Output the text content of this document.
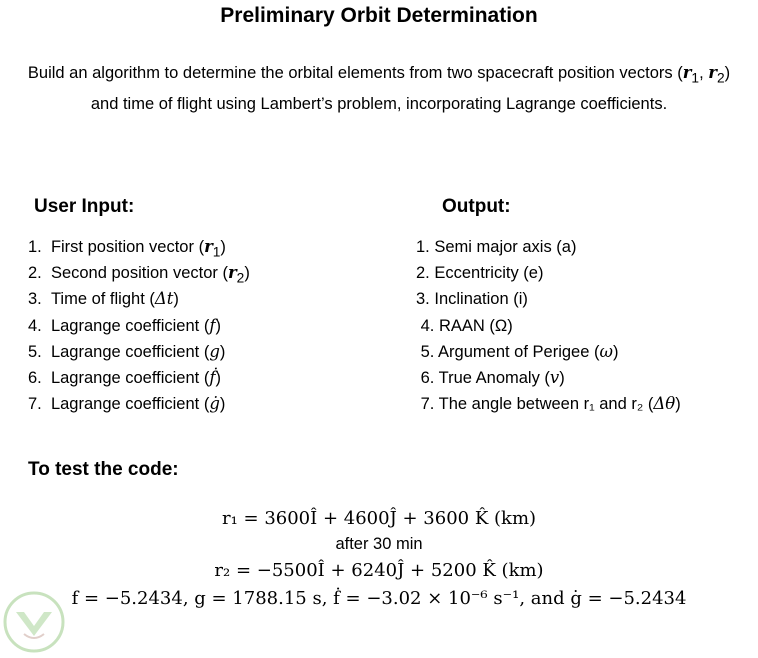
Preliminary Orbit Determination

Build an algorithm to determine the orbital elements from two spacecraft position vectors ($r_1$, $r_2$) and time of flight using Lambert’s problem, incorporating Lagrange coefficients.

User Input:	Output:
1. First position vector $(r_1)$
2. Second position vector $(r_2)$
3. Time of flight (Δt)
4. Lagrange coefficient (f)
5. Lagrange coefficient (g)
6. Lagrange coefficient (ḟ)
7. Lagrange coefficient (ġ)
1. Semi major axis (a)
2. Eccentricity (e)
3. Inclination (i)
4. RAAN (Ω)
5. Argument of Perigee (ω)
6. True Anomaly (v)
7. The angle between r₁ and r₂ (Δθ)
To test the code:
r₁ = 3600Î + 4600Ĵ + 3600 K̂ (km)
after 30 min
r₂ = −5500Î + 6240Ĵ + 5200 K̂ (km)
f = −5.2434, g = 1788.15 s, ḟ = −3.02 × 10⁻⁶ s⁻¹, and ġ = −5.2434
